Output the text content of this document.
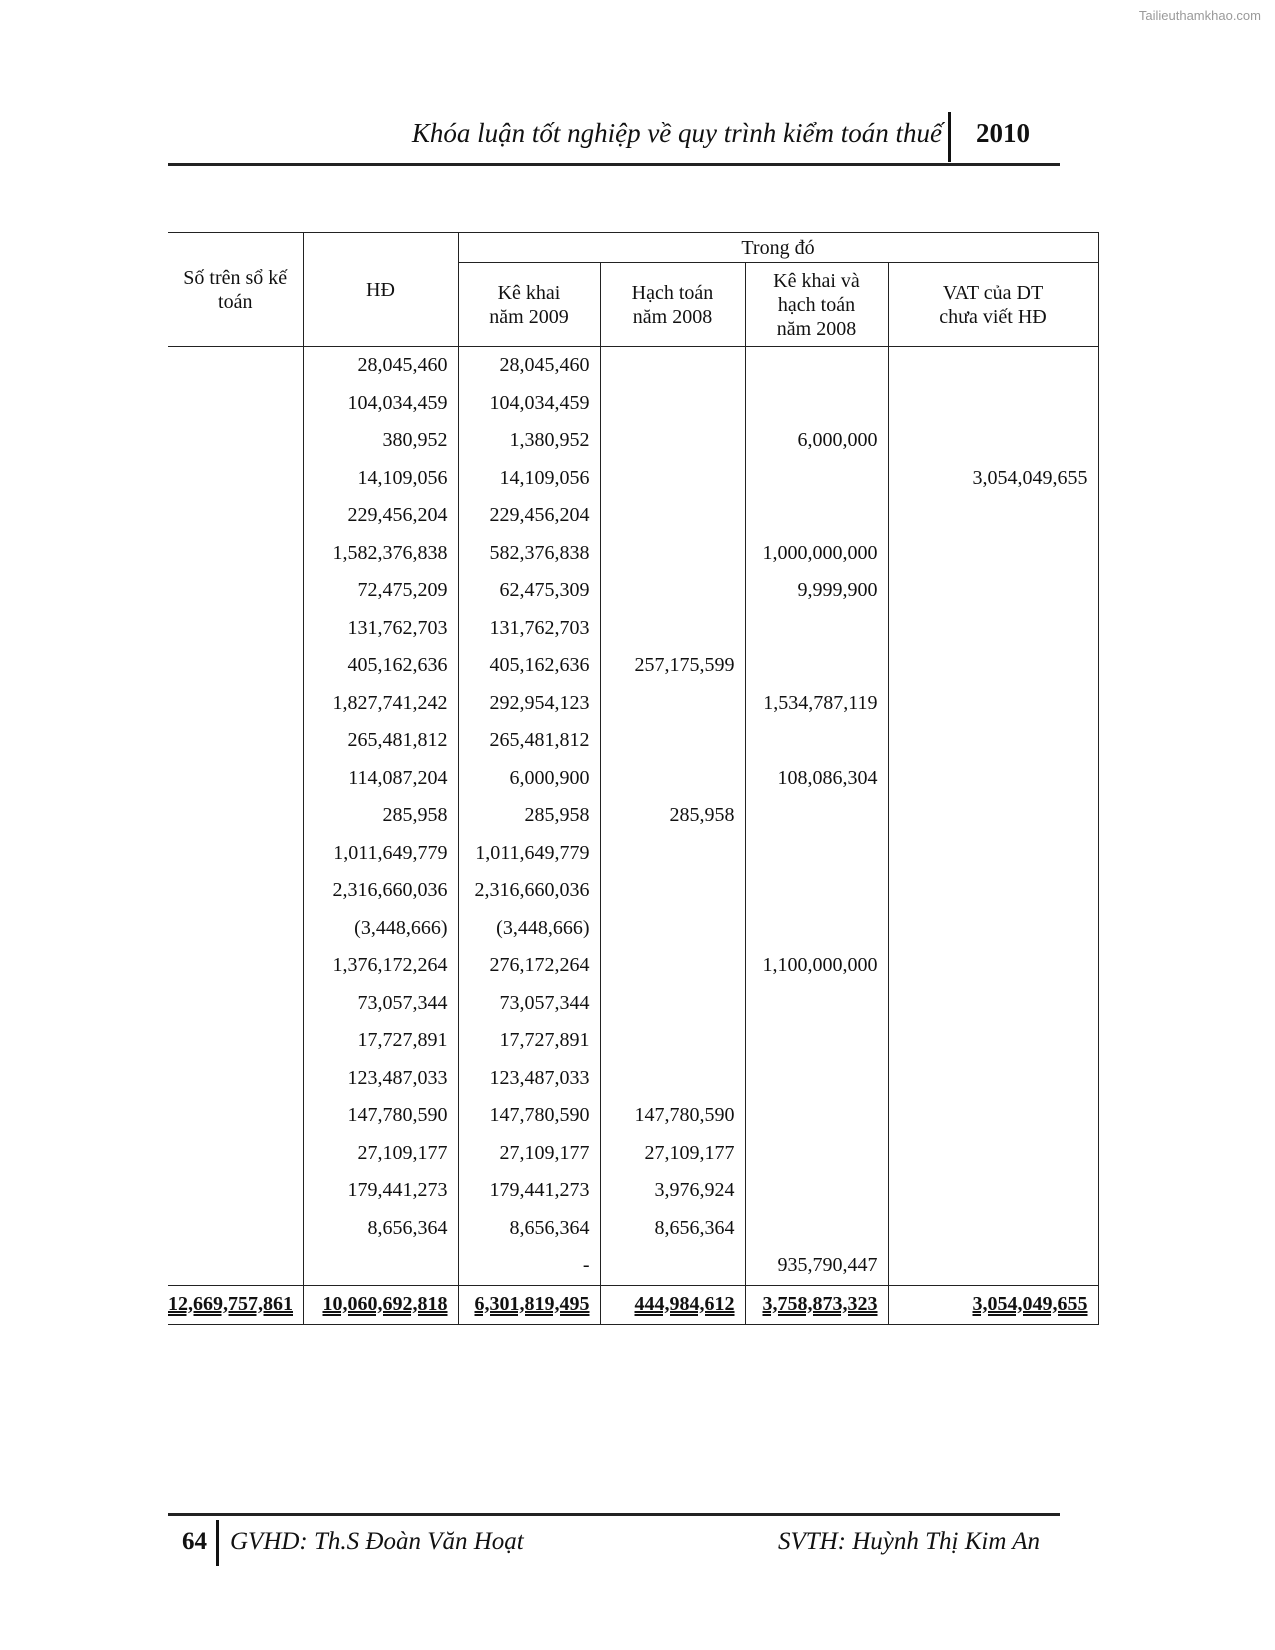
Tailieuthamkhao.com
Khóa luận tốt nghiệp về quy trình kiểm toán thuế 2010
Số trên sổ kế toán	HĐ	Trong đó			

		Kê khai năm 2009	Hạch toán năm 2008	Kê khai và hạch toán năm 2008	VAT của DT chưa viết HĐ

	28,045,460	28,045,460			
	104,034,459	104,034,459			
	380,952	1,380,952		6,000,000	
	14,109,056	14,109,056			3,054,049,655
	229,456,204	229,456,204			
	1,582,376,838	582,376,838		1,000,000,000	
	72,475,209	62,475,309		9,999,900	
	131,762,703	131,762,703			
	405,162,636	405,162,636	257,175,599		
	1,827,741,242	292,954,123		1,534,787,119	
	265,481,812	265,481,812			
	114,087,204	6,000,900		108,086,304	
	285,958	285,958	285,958		
	1,011,649,779	1,011,649,779			
	2,316,660,036	2,316,660,036			
	(3,448,666)	(3,448,666)			
	1,376,172,264	276,172,264		1,100,000,000	
	73,057,344	73,057,344			
	17,727,891	17,727,891			
	123,487,033	123,487,033			
	147,780,590	147,780,590	147,780,590		
	27,109,177	27,109,177	27,109,177		
	179,441,273	179,441,273	3,976,924		
	8,656,364	8,656,364	8,656,364		
		-		935,790,447	
12,669,757,861	10,060,692,818	6,301,819,495	444,984,612	3,758,873,323	3,054,049,655
64 GVHD: Th.S Đoàn Văn Hoạt	SVTH: Huỳnh Thị Kim An
